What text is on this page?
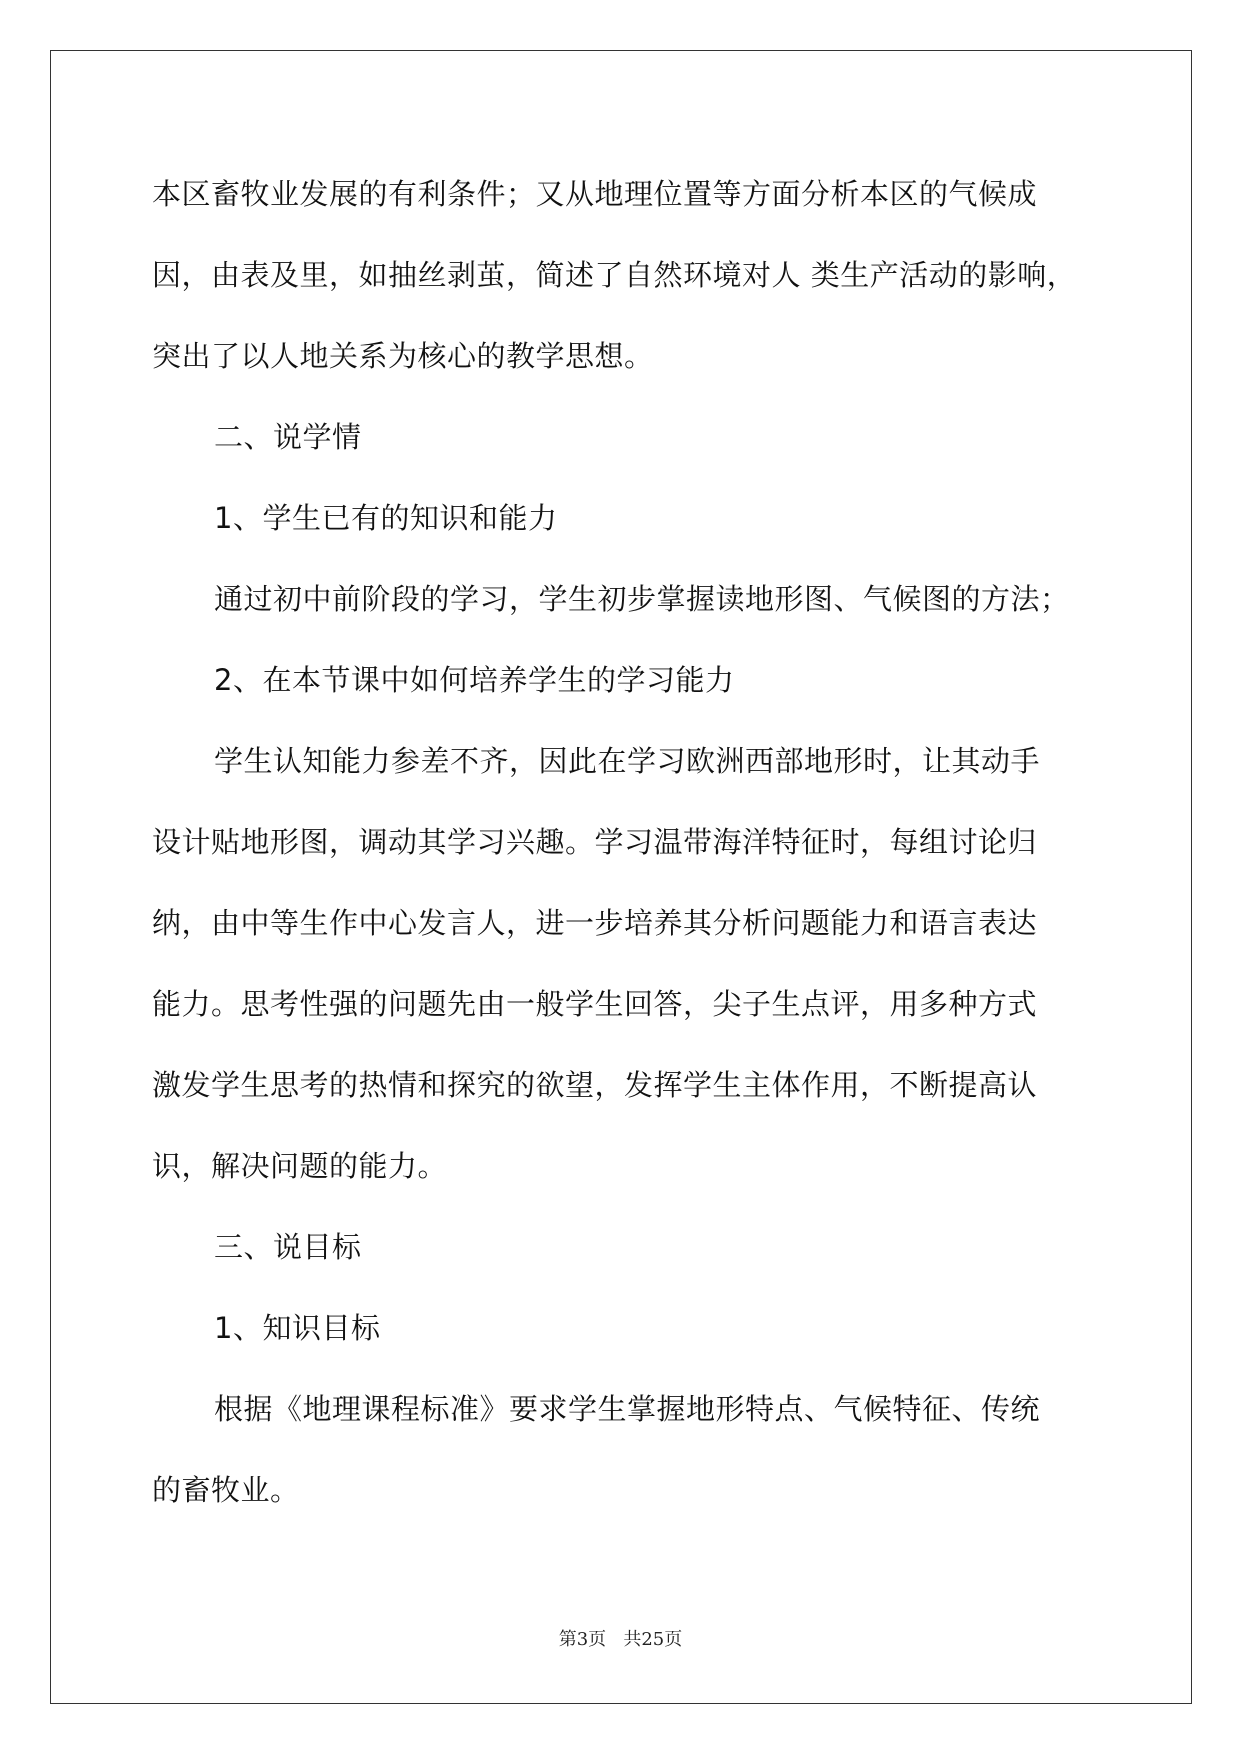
本区畜牧业发展的有利条件；又从地理位置等方面分析本区的气候成
因，由表及里，如抽丝剥茧，简述了自然环境对人 类生产活动的影响，
突出了以人地关系为核心的教学思想。
二、说学情
1、学生已有的知识和能力
通过初中前阶段的学习，学生初步掌握读地形图、气候图的方法；
2、在本节课中如何培养学生的学习能力
学生认知能力参差不齐，因此在学习欧洲西部地形时，让其动手
设计贴地形图，调动其学习兴趣。学习温带海洋特征时，每组讨论归
纳，由中等生作中心发言人，进一步培养其分析问题能力和语言表达
能力。思考性强的问题先由一般学生回答，尖子生点评，用多种方式
激发学生思考的热情和探究的欲望，发挥学生主体作用，不断提高认
识，解决问题的能力。
三、说目标
1、知识目标
根据《地理课程标准》要求学生掌握地形特点、气候特征、传统
的畜牧业。
第3页   共25页
